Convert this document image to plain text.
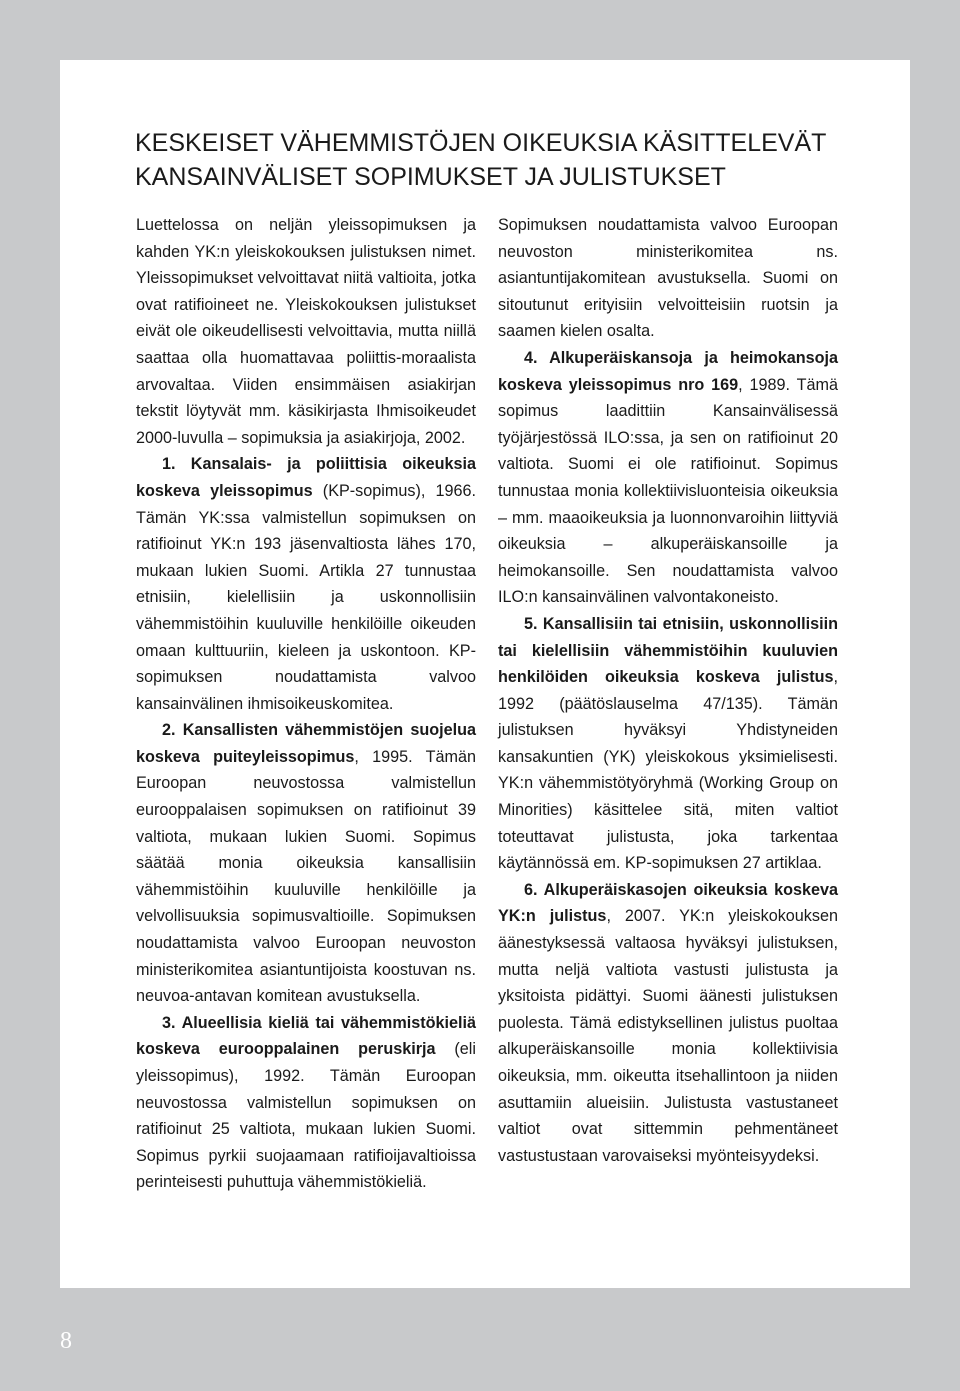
KESKEISET VÄHEMMISTÖJEN OIKEUKSIA KÄSITTELEVÄT
KANSAINVÄLISET SOPIMUKSET JA JULISTUKSET

Luettelossa on neljän yleissopimuksen ja kahden YK:n yleiskokouksen julistuksen nimet. Yleissopimukset velvoittavat niitä valtioita, jotka ovat ratifioineet ne. Yleiskokouksen julistukset eivät ole oikeudellisesti velvoittavia, mutta niillä saattaa olla huomattavaa poliittis-moraalista arvovaltaa. Viiden ensimmäisen asiakirjan tekstit löytyvät mm. käsikirjasta Ihmisoikeudet 2000-luvulla – sopimuksia ja asiakirjoja, 2002.

1. Kansalais- ja poliittisia oikeuksia koskeva yleissopimus (KP-sopimus), 1966. Tämän YK:ssa valmistellun sopimuksen on ratifioinut YK:n 193 jäsenvaltiosta lähes 170, mukaan lukien Suomi. Artikla 27 tunnustaa etnisiin, kielellisiin ja uskonnollisiin vähemmistöihin kuuluville henkilöille oikeuden omaan kulttuuriin, kieleen ja uskontoon. KP-sopimuksen noudattamista valvoo kansainvälinen ihmisoikeuskomitea.

2. Kansallisten vähemmistöjen suojelua koskeva puiteyleissopimus, 1995. Tämän Euroopan neuvostossa valmistellun eurooppalaisen sopimuksen on ratifioinut 39 valtiota, mukaan lukien Suomi. Sopimus säätää monia oikeuksia kansallisiin vähemmistöihin kuuluville henkilöille ja velvollisuuksia sopimusvaltioille. Sopimuksen noudattamista valvoo Euroopan neuvoston ministerikomitea asiantuntijoista koostuvan ns. neuvoa-antavan komitean avustuksella.

3. Alueellisia kieliä tai vähemmistökieliä koskeva eurooppalainen peruskirja (eli yleissopimus), 1992. Tämän Euroopan neuvostossa valmistellun sopimuksen on ratifioinut 25 valtiota, mukaan lukien Suomi. Sopimus pyrkii suojaamaan ratifioijavaltioissa perinteisesti puhuttuja vähemmistökieliä.

Sopimuksen noudattamista valvoo Euroopan neuvoston ministerikomitea ns. asiantuntijakomitean avustuksella. Suomi on sitoutunut erityisiin velvoitteisiin ruotsin ja saamen kielen osalta.

4. Alkuperäiskansoja ja heimokansoja koskeva yleissopimus nro 169, 1989. Tämä sopimus laadittiin Kansainvälisessä työjärjestössä ILO:ssa, ja sen on ratifioinut 20 valtiota. Suomi ei ole ratifioinut. Sopimus tunnustaa monia kollektiivisluonteisia oikeuksia – mm. maaoikeuksia ja luonnonvaroihin liittyviä oikeuksia – alkuperäiskansoille ja heimokansoille. Sen noudattamista valvoo ILO:n kansainvälinen valvontakoneisto.

5. Kansallisiin tai etnisiin, uskonnollisiin tai kielellisiin vähemmistöihin kuuluvien henkilöiden oikeuksia koskeva julistus, 1992 (päätöslauselma 47/135). Tämän julistuksen hyväksyi Yhdistyneiden kansakuntien (YK) yleiskokous yksimielisesti. YK:n vähemmistötyöryhmä (Working Group on Minorities) käsittelee sitä, miten valtiot toteuttavat julistusta, joka tarkentaa käytännössä em. KP-sopimuksen 27 artiklaa.

6. Alkuperäiskasojen oikeuksia koskeva YK:n julistus, 2007. YK:n yleiskokouksen äänestyksessä valtaosa hyväksyi julistuksen, mutta neljä valtiota vastusti julistusta ja yksitoista pidättyi. Suomi äänesti julistuksen puolesta. Tämä edistyksellinen julistus puoltaa alkuperäiskansoille monia kollektiivisia oikeuksia, mm. oikeutta itsehallintoon ja niiden asuttamiin alueisiin. Julistusta vastustaneet valtiot ovat sittemmin pehmentäneet vastustustaan varovaiseksi myönteisyydeksi.

8
